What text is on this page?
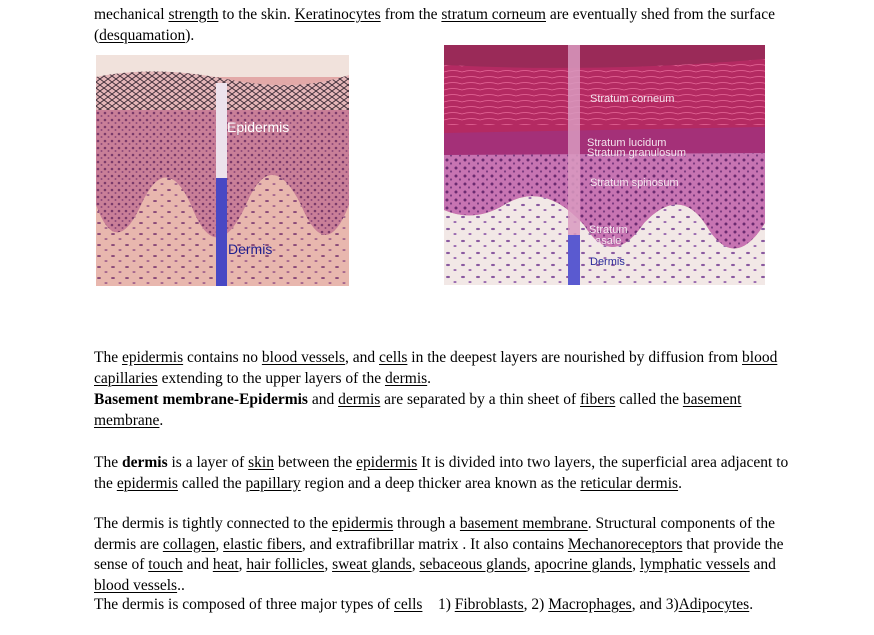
mechanical strength to the skin. Keratinocytes from the stratum corneum are eventually shed from the surface (desquamation).
Epidermis
Dermis
Stratum corneum
Stratum lucidum
Stratum granulosum
Stratum spinosum
Stratum
basale
Dermis
The epidermis contains no blood vessels, and cells in the deepest layers are nourished by diffusion from blood capillaries extending to the upper layers of the dermis.
Basement membrane-Epidermis and dermis are separated by a thin sheet of fibers called the basement membrane.
The dermis is a layer of skin between the epidermis It is divided into two layers, the superficial area adjacent to the epidermis called the papillary region and a deep thicker area known as the reticular dermis.
The dermis is tightly connected to the epidermis through a basement membrane. Structural components of the dermis are collagen, elastic fibers, and extrafibrillar matrix . It also contains Mechanoreceptors that provide the sense of touch and heat, hair follicles, sweat glands, sebaceous glands, apocrine glands, lymphatic vessels and blood vessels..
The dermis is composed of three major types of cells    1) Fibroblasts, 2) Macrophages, and 3)Adipocytes.
